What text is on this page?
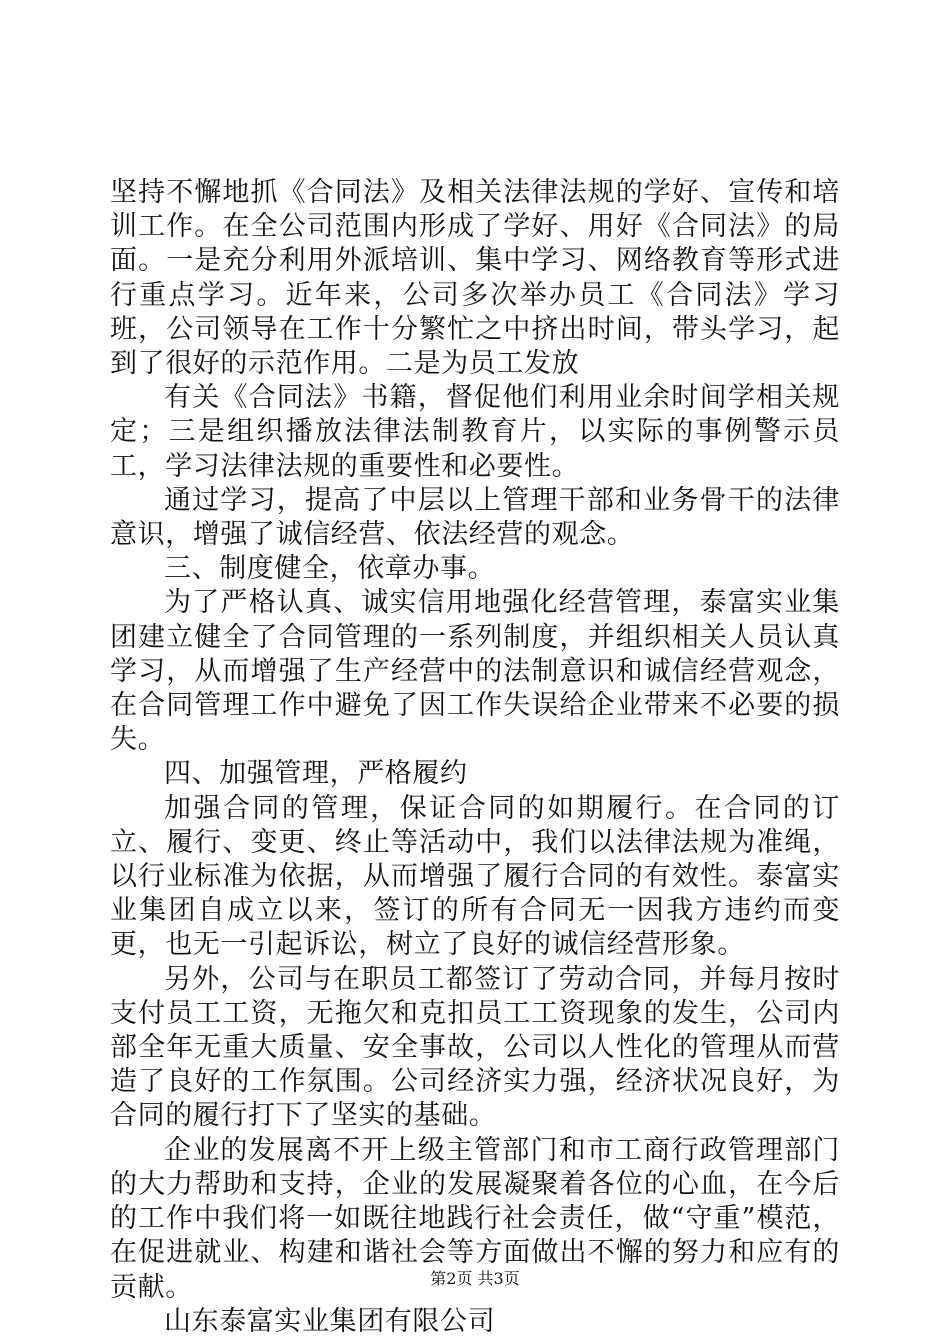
坚持不懈地抓《合同法》及相关法律法规的学好、宣传和培训工作。在全公司范围内形成了学好、用好《合同法》的局面。一是充分利用外派培训、集中学习、网络教育等形式进行重点学习。近年来，公司多次举办员工《合同法》学习班，公司领导在工作十分繁忙之中挤出时间，带头学习，起到了很好的示范作用。二是为员工发放

有关《合同法》书籍，督促他们利用业余时间学相关规定；三是组织播放法律法制教育片，以实际的事例警示员工，学习法律法规的重要性和必要性。

通过学习，提高了中层以上管理干部和业务骨干的法律意识，增强了诚信经营、依法经营的观念。

三、制度健全，依章办事。

为了严格认真、诚实信用地强化经营管理，泰富实业集团建立健全了合同管理的一系列制度，并组织相关人员认真学习，从而增强了生产经营中的法制意识和诚信经营观念，在合同管理工作中避免了因工作失误给企业带来不必要的损失。

四、加强管理，严格履约

加强合同的管理，保证合同的如期履行。在合同的订立、履行、变更、终止等活动中，我们以法律法规为准绳，以行业标准为依据，从而增强了履行合同的有效性。泰富实业集团自成立以来，签订的所有合同无一因我方违约而变更，也无一引起诉讼，树立了良好的诚信经营形象。

另外，公司与在职员工都签订了劳动合同，并每月按时支付员工工资，无拖欠和克扣员工工资现象的发生，公司内部全年无重大质量、安全事故，公司以人性化的管理从而营造了良好的工作氛围。公司经济实力强，经济状况良好，为合同的履行打下了坚实的基础。

企业的发展离不开上级主管部门和市工商行政管理部门的大力帮助和支持，企业的发展凝聚着各位的心血，在今后的工作中我们将一如既往地践行社会责任，做“守重”模范，在促进就业、构建和谐社会等方面做出不懈的努力和应有的贡献。

山东泰富实业集团有限公司

第2页 共3页
